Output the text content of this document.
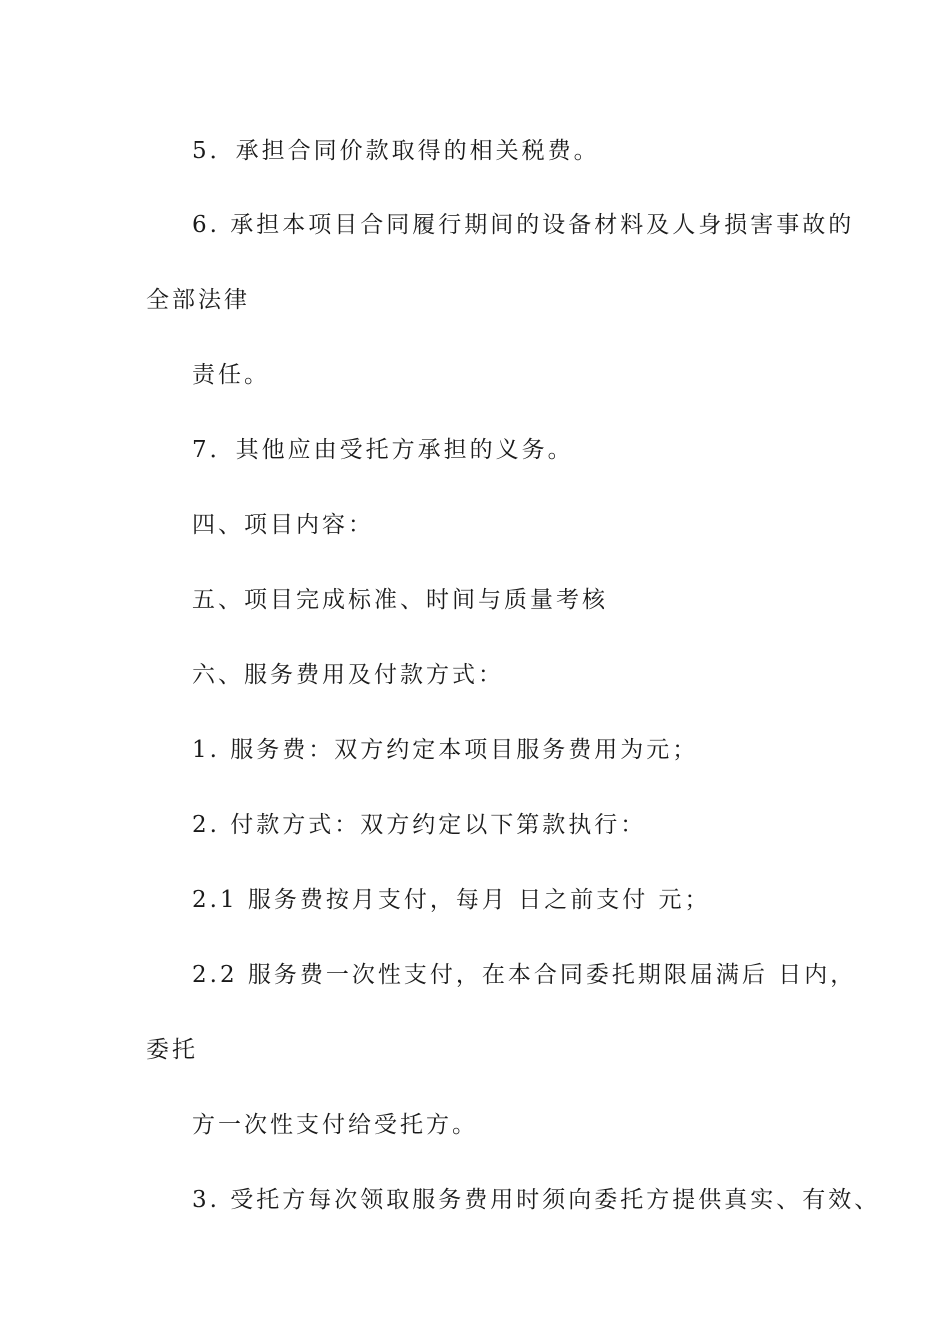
5．承担合同价款取得的相关税费。
6. 承担本项目合同履行期间的设备材料及人身损害事故的
全部法律
责任。
7．其他应由受托方承担的义务。
四、项目内容：
五、项目完成标准、时间与质量考核
六、服务费用及付款方式：
1. 服务费：双方约定本项目服务费用为元；
2. 付款方式：双方约定以下第款执行：
2.1 服务费按月支付，每月 日之前支付 元；
2.2 服务费一次性支付，在本合同委托期限届满后 日内，
委托
方一次性支付给受托方。
3. 受托方每次领取服务费用时须向委托方提供真实、有效、
